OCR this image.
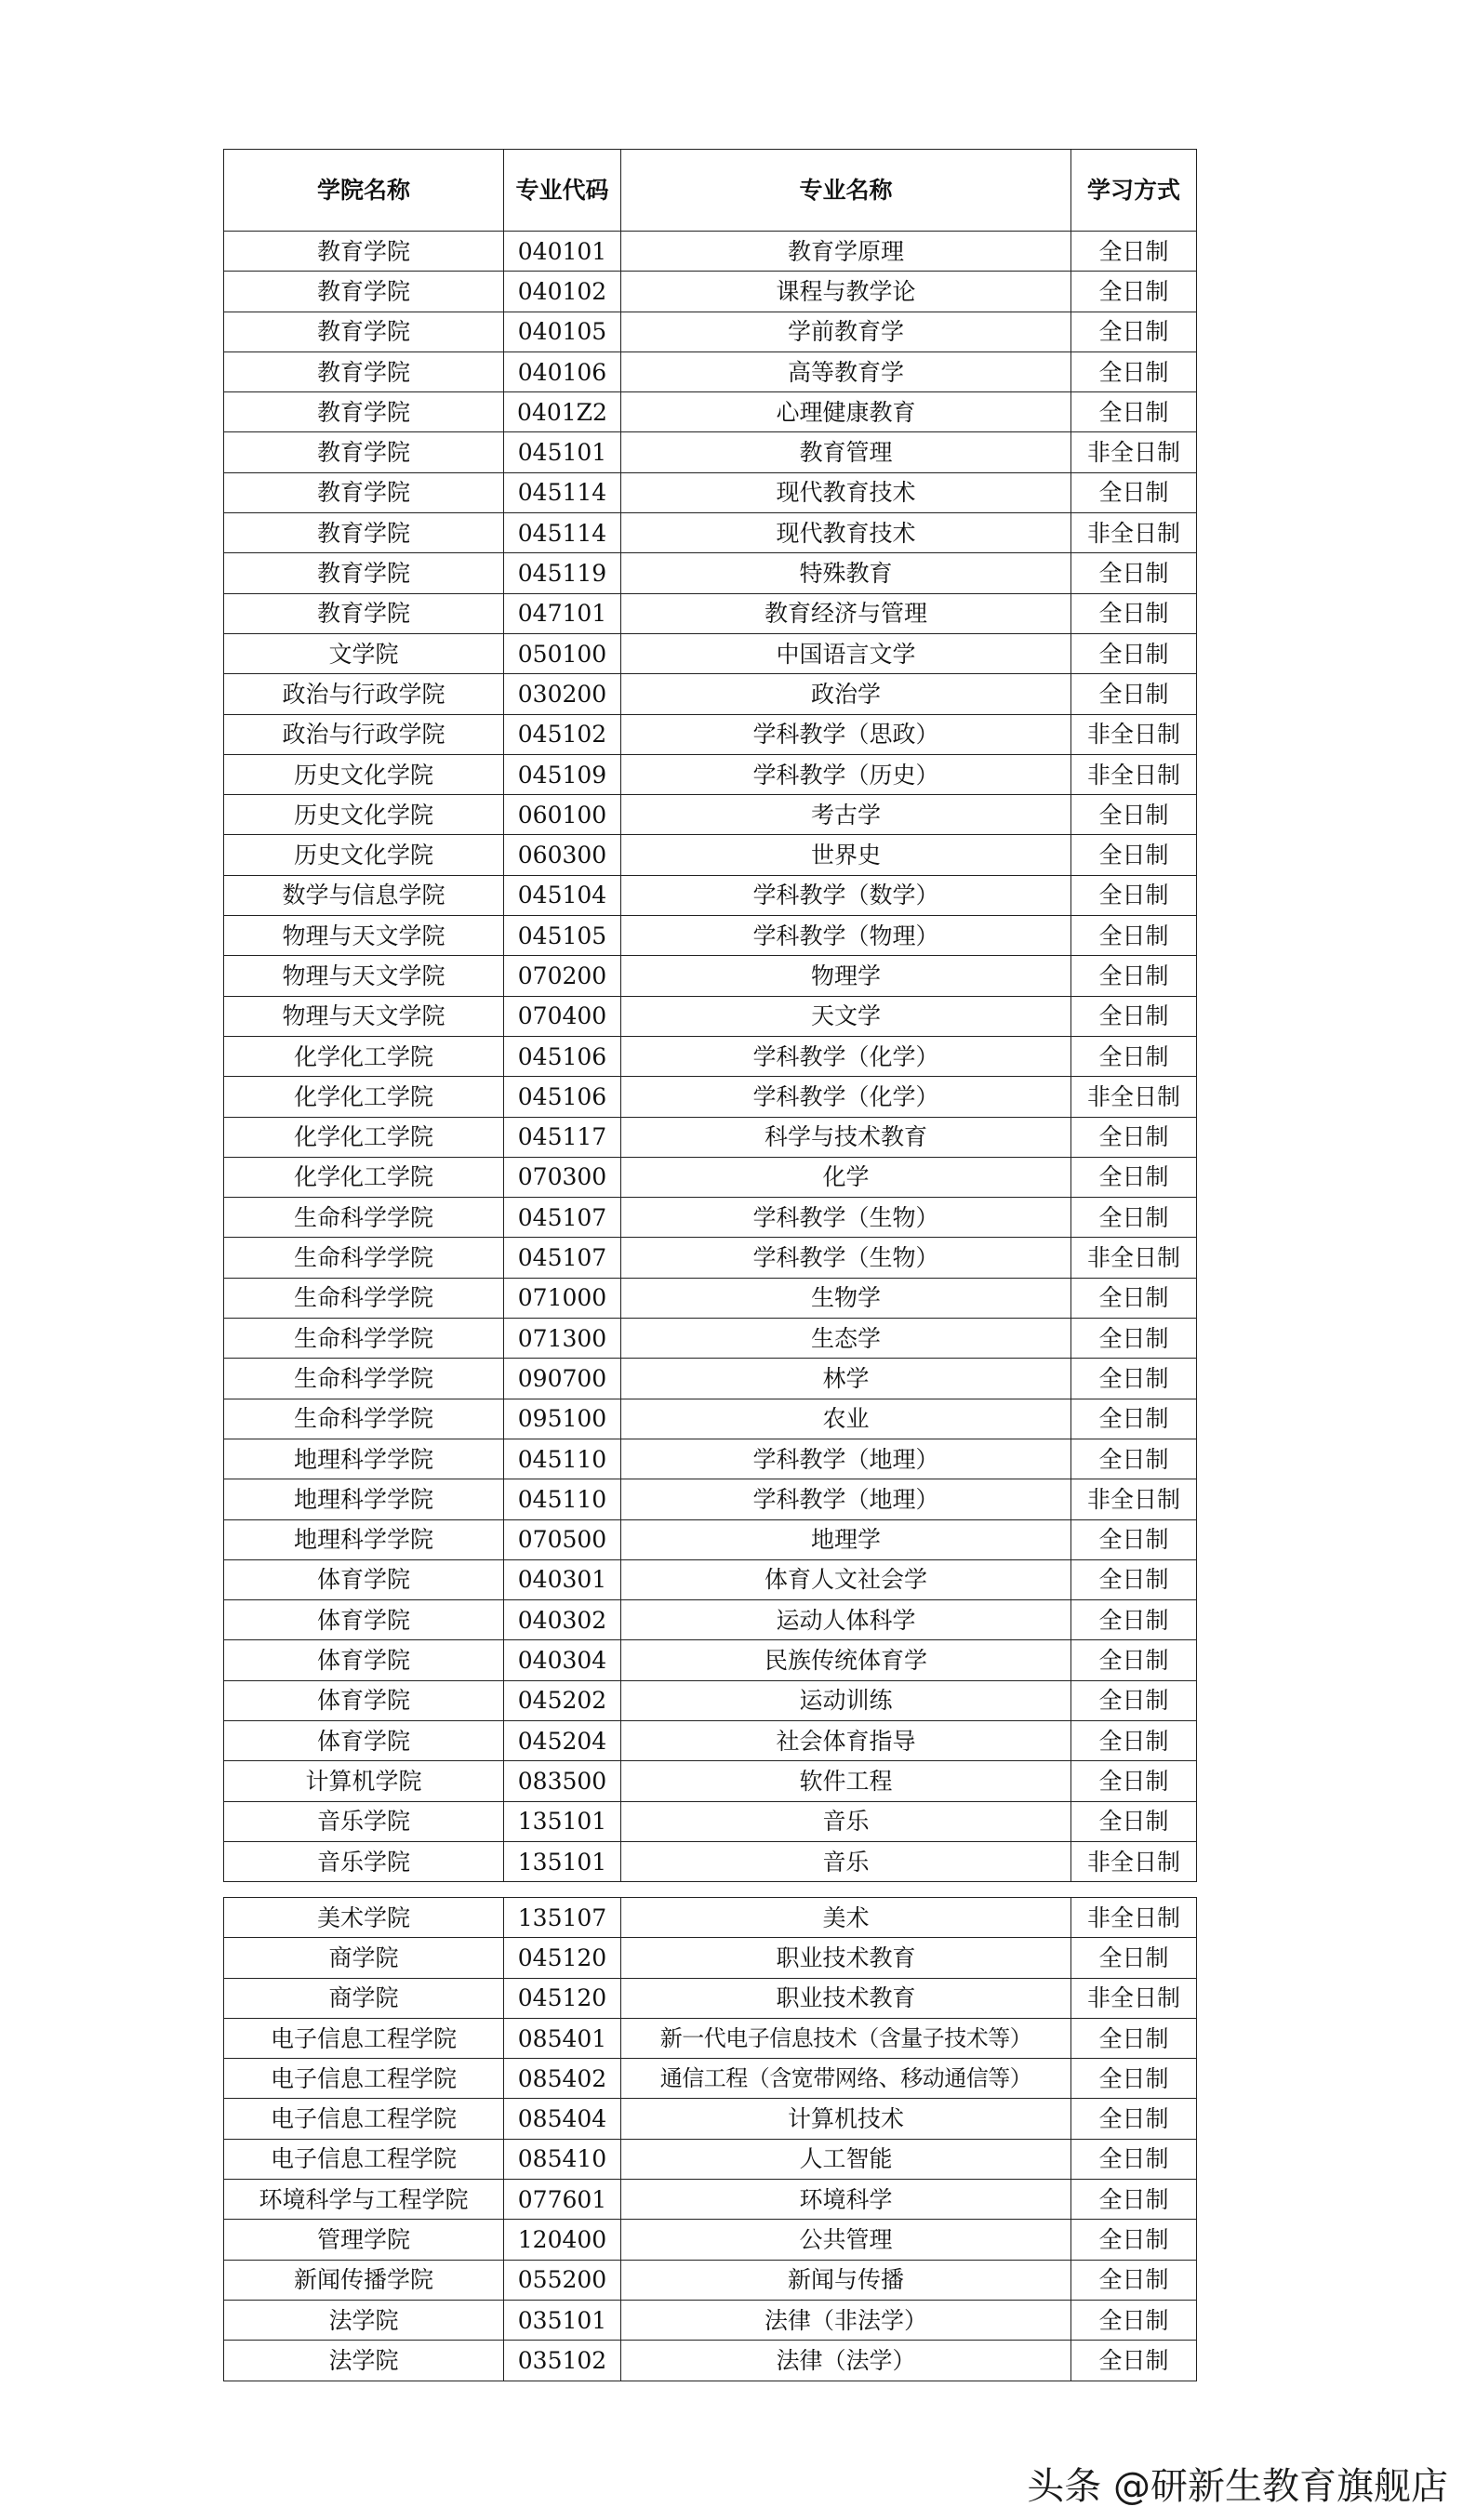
学院名称	专业代码	专业名称	学习方式
教育学院	040101	教育学原理	全日制
教育学院	040102	课程与教学论	全日制
教育学院	040105	学前教育学	全日制
教育学院	040106	高等教育学	全日制
教育学院	0401Z2	心理健康教育	全日制
教育学院	045101	教育管理	非全日制
教育学院	045114	现代教育技术	全日制
教育学院	045114	现代教育技术	非全日制
教育学院	045119	特殊教育	全日制
教育学院	047101	教育经济与管理	全日制
文学院	050100	中国语言文学	全日制
政治与行政学院	030200	政治学	全日制
政治与行政学院	045102	学科教学（思政）	非全日制
历史文化学院	045109	学科教学（历史）	非全日制
历史文化学院	060100	考古学	全日制
历史文化学院	060300	世界史	全日制
数学与信息学院	045104	学科教学（数学）	全日制
物理与天文学院	045105	学科教学（物理）	全日制
物理与天文学院	070200	物理学	全日制
物理与天文学院	070400	天文学	全日制
化学化工学院	045106	学科教学（化学）	全日制
化学化工学院	045106	学科教学（化学）	非全日制
化学化工学院	045117	科学与技术教育	全日制
化学化工学院	070300	化学	全日制
生命科学学院	045107	学科教学（生物）	全日制
生命科学学院	045107	学科教学（生物）	非全日制
生命科学学院	071000	生物学	全日制
生命科学学院	071300	生态学	全日制
生命科学学院	090700	林学	全日制
生命科学学院	095100	农业	全日制
地理科学学院	045110	学科教学（地理）	全日制
地理科学学院	045110	学科教学（地理）	非全日制
地理科学学院	070500	地理学	全日制
体育学院	040301	体育人文社会学	全日制
体育学院	040302	运动人体科学	全日制
体育学院	040304	民族传统体育学	全日制
体育学院	045202	运动训练	全日制
体育学院	045204	社会体育指导	全日制
计算机学院	083500	软件工程	全日制
音乐学院	135101	音乐	全日制
音乐学院	135101	音乐	非全日制
美术学院	135107	美术	非全日制
商学院	045120	职业技术教育	全日制
商学院	045120	职业技术教育	非全日制
电子信息工程学院	085401	新一代电子信息技术（含量子技术等）	全日制
电子信息工程学院	085402	通信工程（含宽带网络、移动通信等）	全日制
电子信息工程学院	085404	计算机技术	全日制
电子信息工程学院	085410	人工智能	全日制
环境科学与工程学院	077601	环境科学	全日制
管理学院	120400	公共管理	全日制
新闻传播学院	055200	新闻与传播	全日制
法学院	035101	法律（非法学）	全日制
法学院	035102	法律（法学）	全日制
头条 @研新生教育旗舰店
